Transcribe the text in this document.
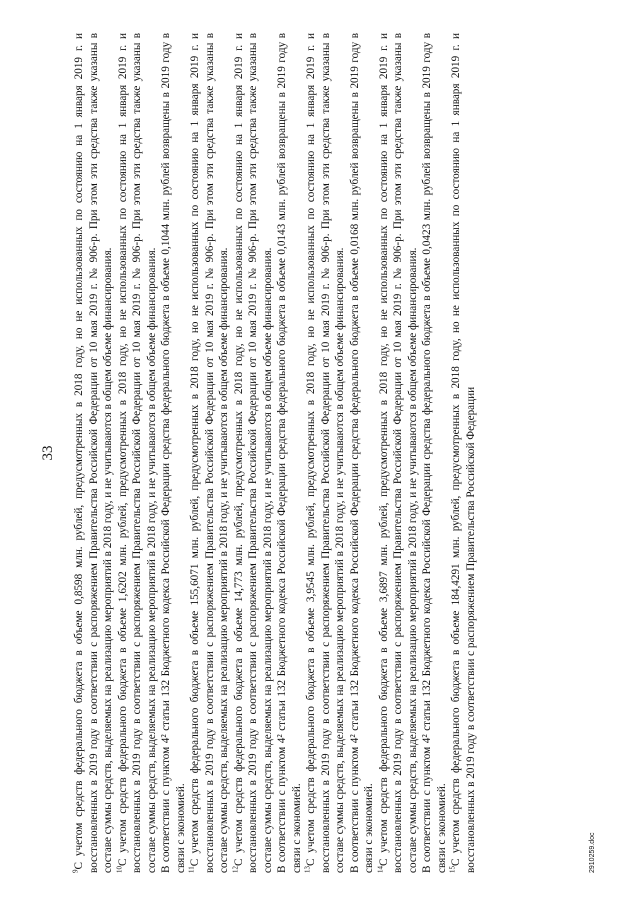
33

$^9$С учетом средств федерального бюджета в объеме 0,8598 млн. рублей, предусмотренных в 2018 году, но не использованных по состоянию на 1 января 2019 г. и восстановленных в 2019 году в соответствии с распоряжением Правительства Российской Федерации от 10 мая 2019 г. № 906-р. При этом эти средства также указаны в составе суммы средств, выделяемых на реализацию мероприятий в 2018 году, и не учитываются в общем объеме финансирования. $^{10}$С учетом средств федерального бюджета в объеме 1,6202 млн. рублей, предусмотренных в 2018 году, но не использованных по состоянию на 1 января 2019 г. и восстановленных в 2019 году в соответствии с распоряжением Правительства Российской Федерации от 10 мая 2019 г. № 906-р. При этом эти средства также указаны в составе суммы средств, выделяемых на реализацию мероприятий в 2018 году, и не учитываются в общем объеме финансирования. В соответствии с пунктом 4² статьи 132 Бюджетного кодекса Российской Федерации средства федерального бюджета в объеме 0,1044 млн. рублей возвращены в 2019 году в связи с экономией. $^{11}$С учетом средств федерального бюджета в объеме 155,6071 млн. рублей, предусмотренных в 2018 году, но не использованных по состоянию на 1 января 2019 г. и восстановленных в 2019 году в соответствии с распоряжением Правительства Российской Федерации от 10 мая 2019 г. № 906-р. При этом эти средства также указаны в составе суммы средств, выделяемых на реализацию мероприятий в 2018 году, и не учитываются в общем объеме финансирования. $^{12}$С учетом средств федерального бюджета в объеме 14,773 млн. рублей, предусмотренных в 2018 году, но не использованных по состоянию на 1 января 2019 г. и восстановленных в 2019 году в соответствии с распоряжением Правительства Российской Федерации от 10 мая 2019 г. № 906-р. При этом эти средства также указаны в составе суммы средств, выделяемых на реализацию мероприятий в 2018 году, и не учитываются в общем объеме финансирования. В соответствии с пунктом 4² статьи 132 Бюджетного кодекса Российской Федерации средства федерального бюджета в объеме 0,0143 млн. рублей возвращены в 2019 году в связи с экономией. $^{13}$С учетом средств федерального бюджета в объеме 3,9545 млн. рублей, предусмотренных в 2018 году, но не использованных по состоянию на 1 января 2019 г. и восстановленных в 2019 году в соответствии с распоряжением Правительства Российской Федерации от 10 мая 2019 г. № 906-р. При этом эти средства также указаны в составе суммы средств, выделяемых на реализацию мероприятий в 2018 году, и не учитываются в общем объеме финансирования. В соответствии с пунктом 4² статьи 132 Бюджетного кодекса Российской Федерации средства федерального бюджета в объеме 0,0168 млн. рублей возвращены в 2019 году в связи с экономией. $^{14}$С учетом средств федерального бюджета в объеме 3,6897 млн. рублей, предусмотренных в 2018 году, но не использованных по состоянию на 1 января 2019 г. и восстановленных в 2019 году в соответствии с распоряжением Правительства Российской Федерации от 10 мая 2019 г. № 906-р. При этом эти средства также указаны в составе суммы средств, выделяемых на реализацию мероприятий в 2018 году, и не учитываются в общем объеме финансирования. В соответствии с пунктом 4² статьи 132 Бюджетного кодекса Российской Федерации средства федерального бюджета в объеме 0,0423 млн. рублей возвращены в 2019 году в связи с экономией. $^{15}$С учетом средств федерального бюджета в объеме 184,4291 млн. рублей, предусмотренных в 2018 году, но не использованных по состоянию на 1 января 2019 г. и восстановленных в 2019 году в соответствии с распоряжением Правительства Российской Федерации	2910259.doc
